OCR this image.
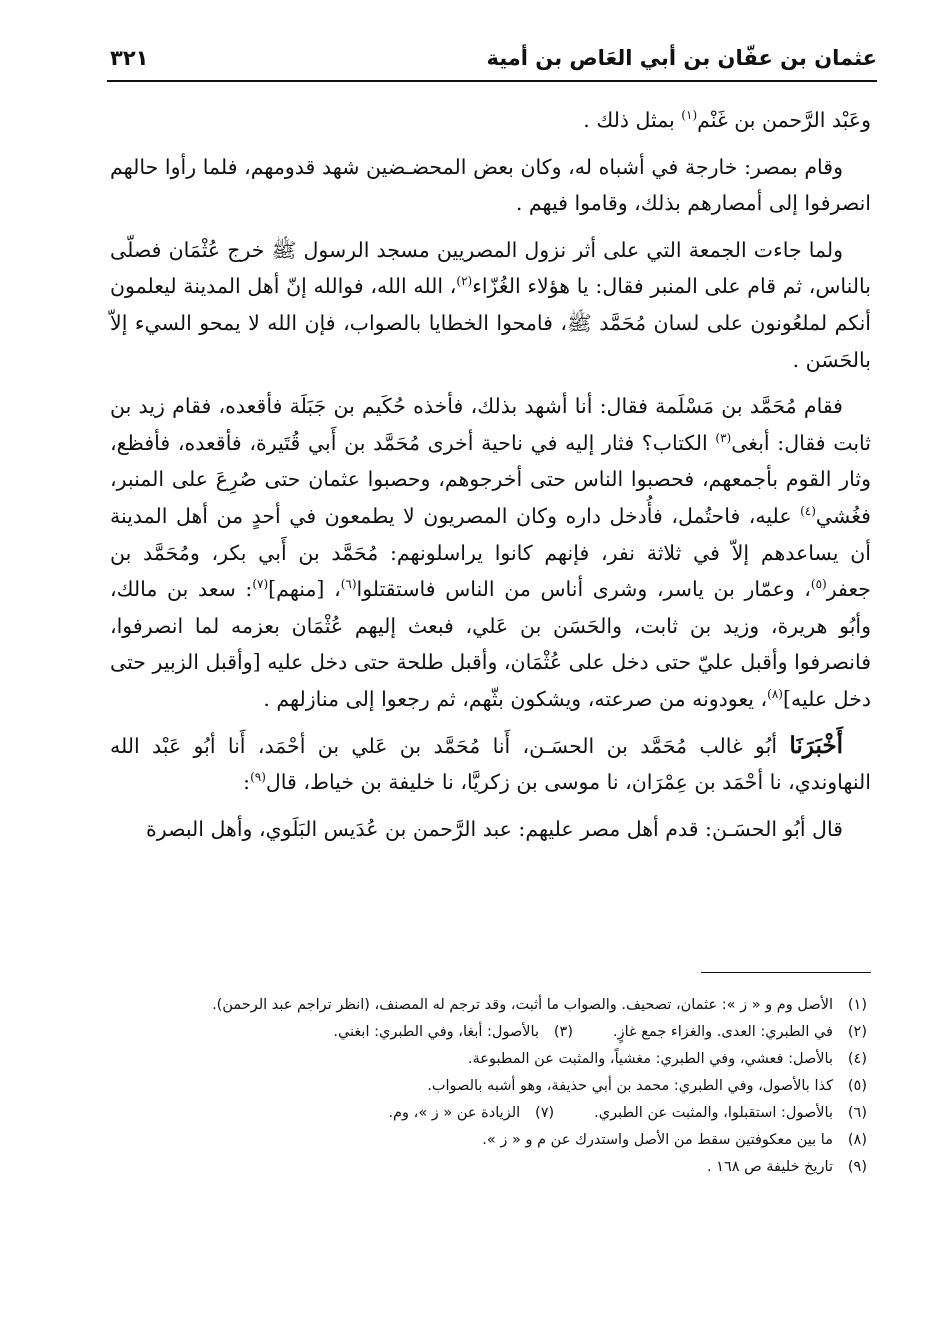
عثمان بن عفّان بن أبي العَاص بن أمية
٣٢١

وعَبْد الرَّحمن بن غَنْم$^{(١)}$ بمثل ذلك .

وقام بمصر: خارجة في أشباه له، وكان بعض المحضـضين شهد قدومهم، فلما رأوا حالهم انصرفوا إلى أمصارهم بذلك، وقاموا فيهم .

ولما جاءت الجمعة التي على أثر نزول المصريين مسجد الرسول ﷺ خرج عُثْمَان فصلّى بالناس، ثم قام على المنبر فقال: يا هؤلاء الغُزّاء$^{(٢)}$، الله الله، فوالله إنّ أهل المدينة ليعلمون أنكم لملعُونون على لسان مُحَمَّد ﷺ، فامحوا الخطايا بالصواب، فإن الله لا يمحو السيء إلاّ بالحَسَن .

فقام مُحَمَّد بن مَسْلَمة فقال: أنا أشهد بذلك، فأخذه حُكَيم بن جَبَلَة فأقعده، فقام زيد بن ثابت فقال: أبغى$^{(٣)}$ الكتاب؟ فثار إليه في ناحية أخرى مُحَمَّد بن أَبي قُتَيرة، فأقعده، فأفظع، وثار القوم بأجمعهم، فحصبوا الناس حتى أخرجوهم، وحصبوا عثمان حتى صُرِعَ على المنبر، فغُشي$^{(٤)}$ عليه، فاحتُمل، فأُدخل داره وكان المصريون لا يطمعون في أحدٍ من أهل المدينة أن يساعدهم إلاّ في ثلاثة نفر، فإنهم كانوا يراسلونهم: مُحَمَّد بن أَبي بكر، ومُحَمَّد بن جعفر$^{(٥)}$، وعمّار بن ياسر، وشرى أناس من الناس فاستقتلوا$^{(٦)}$، [منهم]$^{(٧)}$: سعد بن مالك، وأبُو هريرة، وزيد بن ثابت، والحَسَن بن عَلي، فبعث إليهم عُثْمَان بعزمه لما انصرفوا، فانصرفوا وأقبل عليّ حتى دخل على عُثْمَان، وأقبل طلحة حتى دخل عليه [وأقبل الزبير حتى دخل عليه]$^{(٨)}$، يعودونه من صرعته، ويشكون بثّهم، ثم رجعوا إلى منازلهم .

أَخْبَرَنَا أبُو غالب مُحَمَّد بن الحسَـن، أَنا مُحَمَّد بن عَلي بن أحْمَد، أَنا أبُو عَبْد الله النهاوندي، نا أحْمَد بن عِمْرَان، نا موسى بن زكريَّا، نا خليفة بن خياط، قال$^{(٩)}$:

قال أبُو الحسَـن: قدم أهل مصر عليهم: عبد الرَّحمن بن عُدَيس البَلَوي، وأهل البصرة

(١)
الأصل وم و « ز »: عثمان، تصحيف. والصواب ما أثبت، وقد ترجم له المصنف، (انظر تراجم عبد الرحمن).
(٢)
في الطبري: العدى. والغزاء جمع غازٍ.
(٣)
بالأصول: أبغا، وفي الطبري: ابغني.
(٤)
بالأصل: فعشي، وفي الطبري: مغشياً، والمثبت عن المطبوعة.
(٥)
كذا بالأصول، وفي الطبري: محمد بن أبي حذيفة، وهو أشبه بالصواب.
(٦)
بالأصول: استقبلوا، والمثبت عن الطبري.
(٧)
الزيادة عن « ز »، وم.
(٨)
ما بين معكوفتين سقط من الأصل واستدرك عن م و « ز ».
(٩)
تاريخ خليفة ص ١٦٨ .
